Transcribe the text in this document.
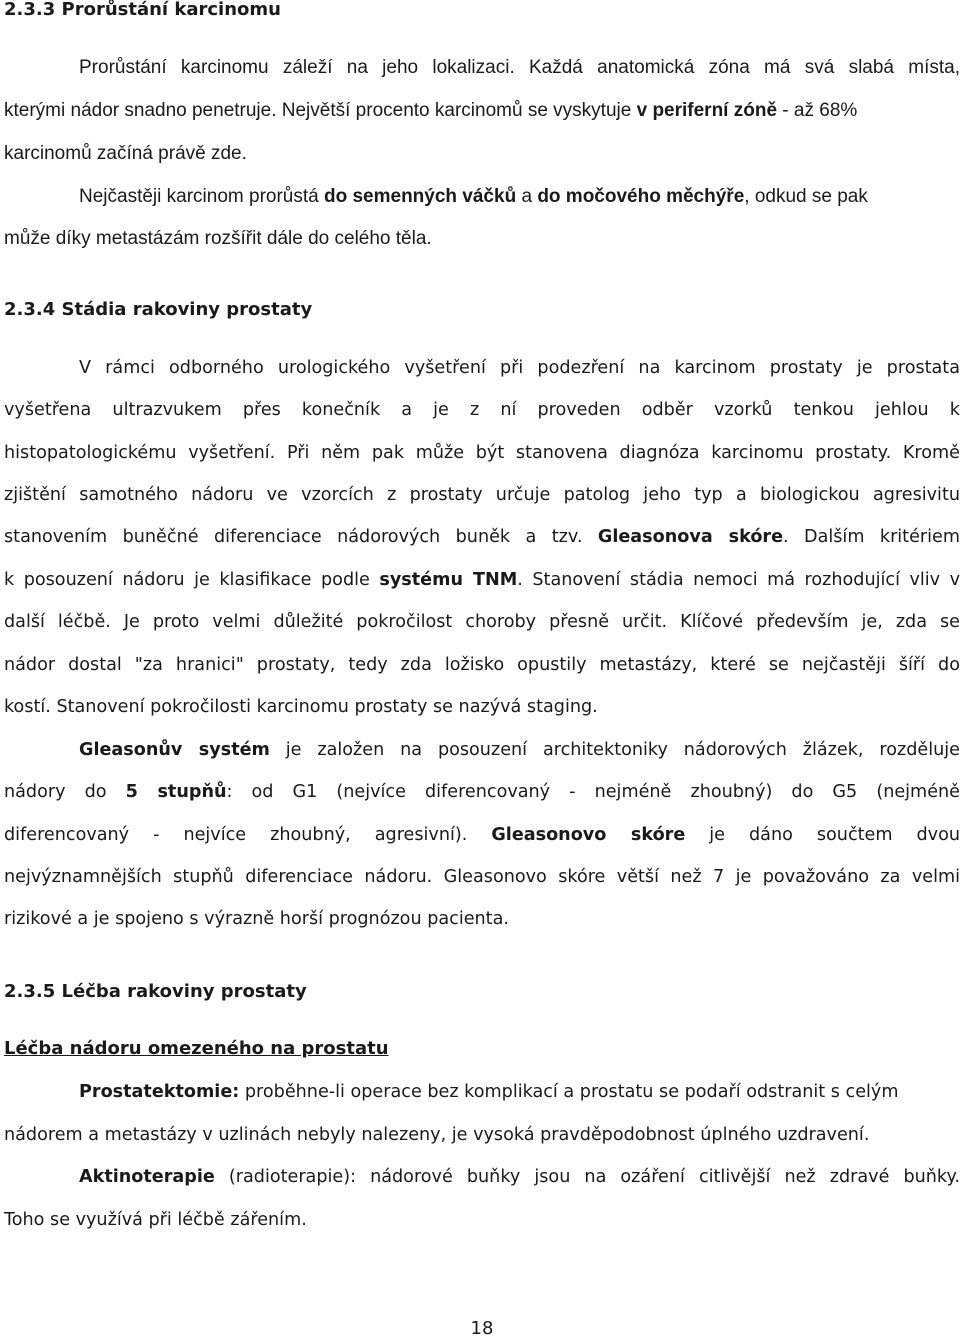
2.3.3 Prorůstání karcinomu
Prorůstání karcinomu záleží na jeho lokalizaci. Každá anatomická zóna má svá slabá místa,
kterými nádor snadno penetruje. Největší procento karcinomů se vyskytuje v periferní zóně - až 68%
karcinomů začíná právě zde.
Nejčastěji karcinom prorůstá do semenných váčků a do močového měchýře, odkud se pak
může díky metastázám rozšířit dále do celého těla.
2.3.4 Stádia rakoviny prostaty
V rámci odborného urologického vyšetření při podezření na karcinom prostaty je prostata
vyšetřena ultrazvukem přes konečník a je z ní proveden odběr vzorků tenkou jehlou k
histopatologickému vyšetření. Při něm pak může být stanovena diagnóza karcinomu prostaty. Kromě
zjištění samotného nádoru ve vzorcích z prostaty určuje patolog jeho typ a biologickou agresivitu
stanovením buněčné diferenciace nádorových buněk a tzv. Gleasonova skóre. Dalším kritériem
k posouzení nádoru je klasifikace podle systému TNM. Stanovení stádia nemoci má rozhodující vliv v
další léčbě. Je proto velmi důležité pokročilost choroby přesně určit. Klíčové především je, zda se
nádor dostal "za hranici" prostaty, tedy zda ložisko opustily metastázy, které se nejčastěji šíří do
kostí. Stanovení pokročilosti karcinomu prostaty se nazývá staging.
Gleasonův systém je založen na posouzení architektoniky nádorových žlázek, rozděluje
nádory do 5 stupňů: od G1 (nejvíce diferencovaný - nejméně zhoubný) do G5 (nejméně
diferencovaný - nejvíce zhoubný, agresivní). Gleasonovo skóre je dáno součtem dvou
nejvýznamnějších stupňů diferenciace nádoru. Gleasonovo skóre větší než 7 je považováno za velmi
rizikové a je spojeno s výrazně horší prognózou pacienta.
2.3.5 Léčba rakoviny prostaty
Léčba nádoru omezeného na prostatu
Prostatektomie: proběhne-li operace bez komplikací a prostatu se podaří odstranit s celým
nádorem a metastázy v uzlinách nebyly nalezeny, je vysoká pravděpodobnost úplného uzdravení.
Aktinoterapie (radioterapie): nádorové buňky jsou na ozáření citlivější než zdravé buňky.
Toho se využívá při léčbě zářením.
18
